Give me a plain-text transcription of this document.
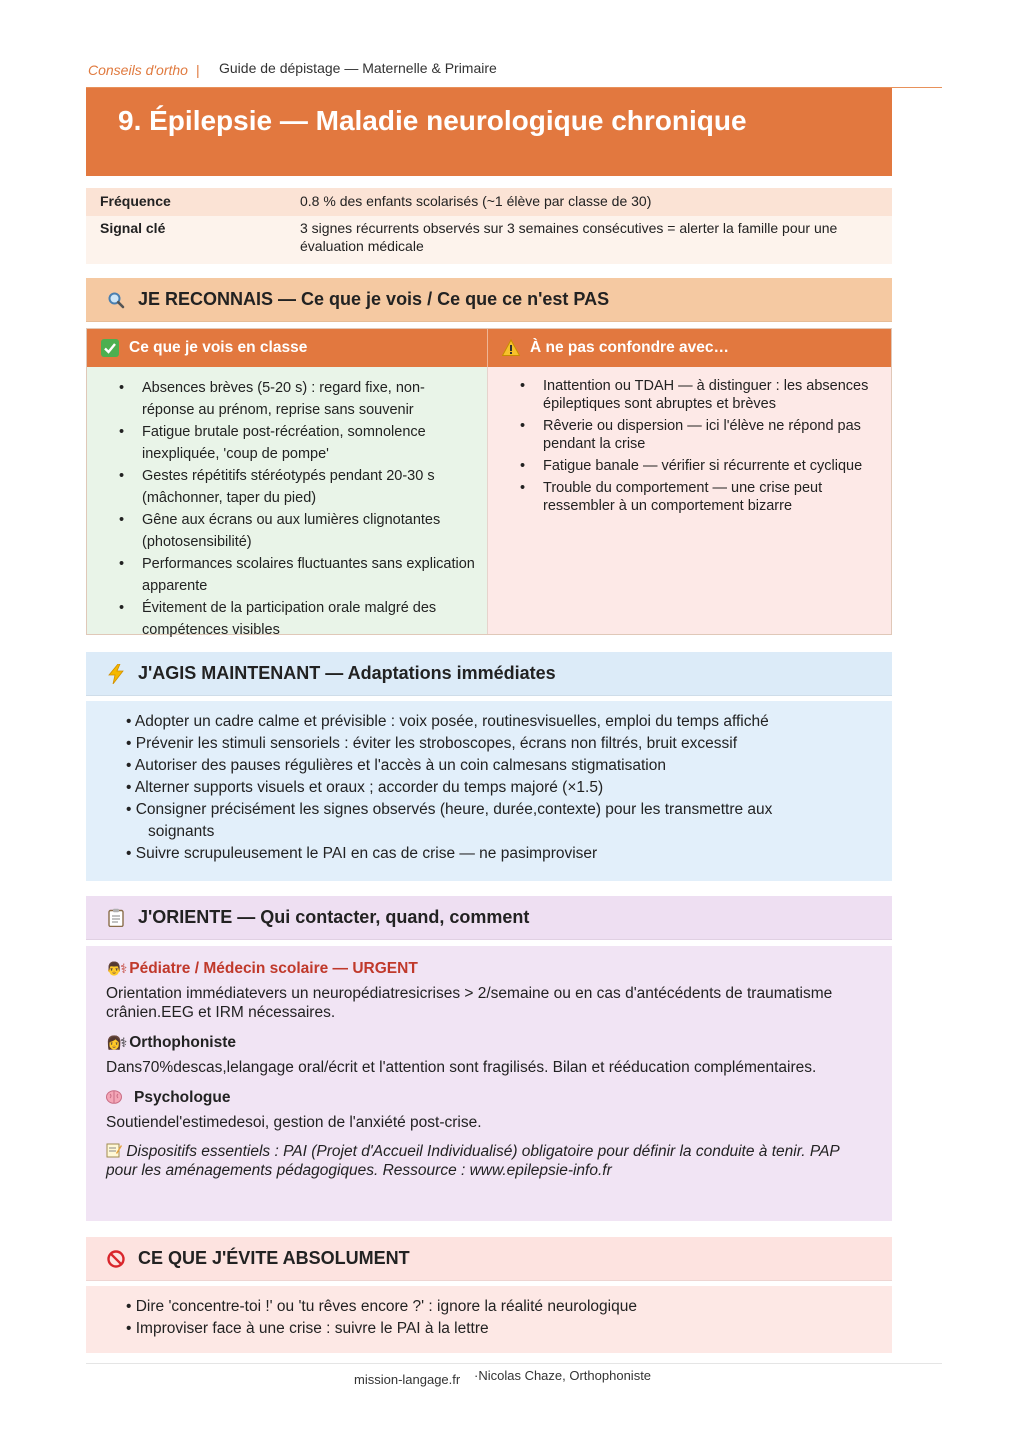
Conseils d'ortho | Guide de dépistage — Maternelle & Primaire
9. Épilepsie — Maladie neurologique chronique
Fréquence	0.8 % des enfants scolarisés (~1 élève par classe de 30)
Signal clé	3 signes récurrents observés sur 3 semaines consécutives = alerter la famille pour une évaluation médicale
JE RECONNAIS — Ce que je vois / Ce que ce n'est PAS
Ce que je vois en classe	À ne pas confondre avec…
• Absences brèves (5-20 s) : regard fixe, non-réponse au prénom, reprise sans souvenir
• Fatigue brutale post-récréation, somnolence inexpliquée, 'coup de pompe'
• Gestes répétitifs stéréotypés pendant 20-30 s (mâchonner, taper du pied)
• Gêne aux écrans ou aux lumières clignotantes (photosensibilité)
• Performances scolaires fluctuantes sans explication apparente
• Évitement de la participation orale malgré des compétences visibles
• Inattention ou TDAH — à distinguer : les absences épileptiques sont abruptes et brèves
• Rêverie ou dispersion — ici l'élève ne répond pas pendant la crise
• Fatigue banale — vérifier si récurrente et cyclique
• Trouble du comportement — une crise peut ressembler à un comportement bizarre
J'AGIS MAINTENANT — Adaptations immédiates
• Adopter un cadre calme et prévisible : voix posée, routinesvisuelles, emploi du temps affiché
• Prévenir les stimuli sensoriels : éviter les stroboscopes, écrans non filtrés, bruit excessif
• Autoriser des pauses régulières et l'accès à un coin calmesans stigmatisation
• Alterner supports visuels et oraux ; accorder du temps majoré (×1.5)
• Consigner précisément les signes observés (heure, durée,contexte) pour les transmettre aux
soignants
• Suivre scrupuleusement le PAI en cas de crise — ne pasimproviser
J'ORIENTE — Qui contacter, quand, comment
👨⚕ Pédiatre / Médecin scolaire — URGENT
Orientation immédiatevers un neuropédiatresicrises > 2/semaine ou en cas d'antécédents de traumatisme crânien.EEG et IRM nécessaires.
👩⚕ Orthophoniste
Dans70%descas,lelangage oral/écrit et l'attention sont fragilisés. Bilan et rééducation complémentaires.
Psychologue
Soutiendel'estimedesoi, gestion de l'anxiété post-crise.
Dispositifs essentiels : PAI (Projet d'Accueil Individualisé) obligatoire pour définir la conduite à tenir. PAP pour les aménagements pédagogiques. Ressource : www.epilepsie-info.fr
CE QUE J'ÉVITE ABSOLUMENT
• Dire 'concentre-toi !' ou 'tu rêves encore ?' : ignore la réalité neurologique
• Improviser face à une crise : suivre le PAI à la lettre
mission-langage.fr ·Nicolas Chaze, Orthophoniste
